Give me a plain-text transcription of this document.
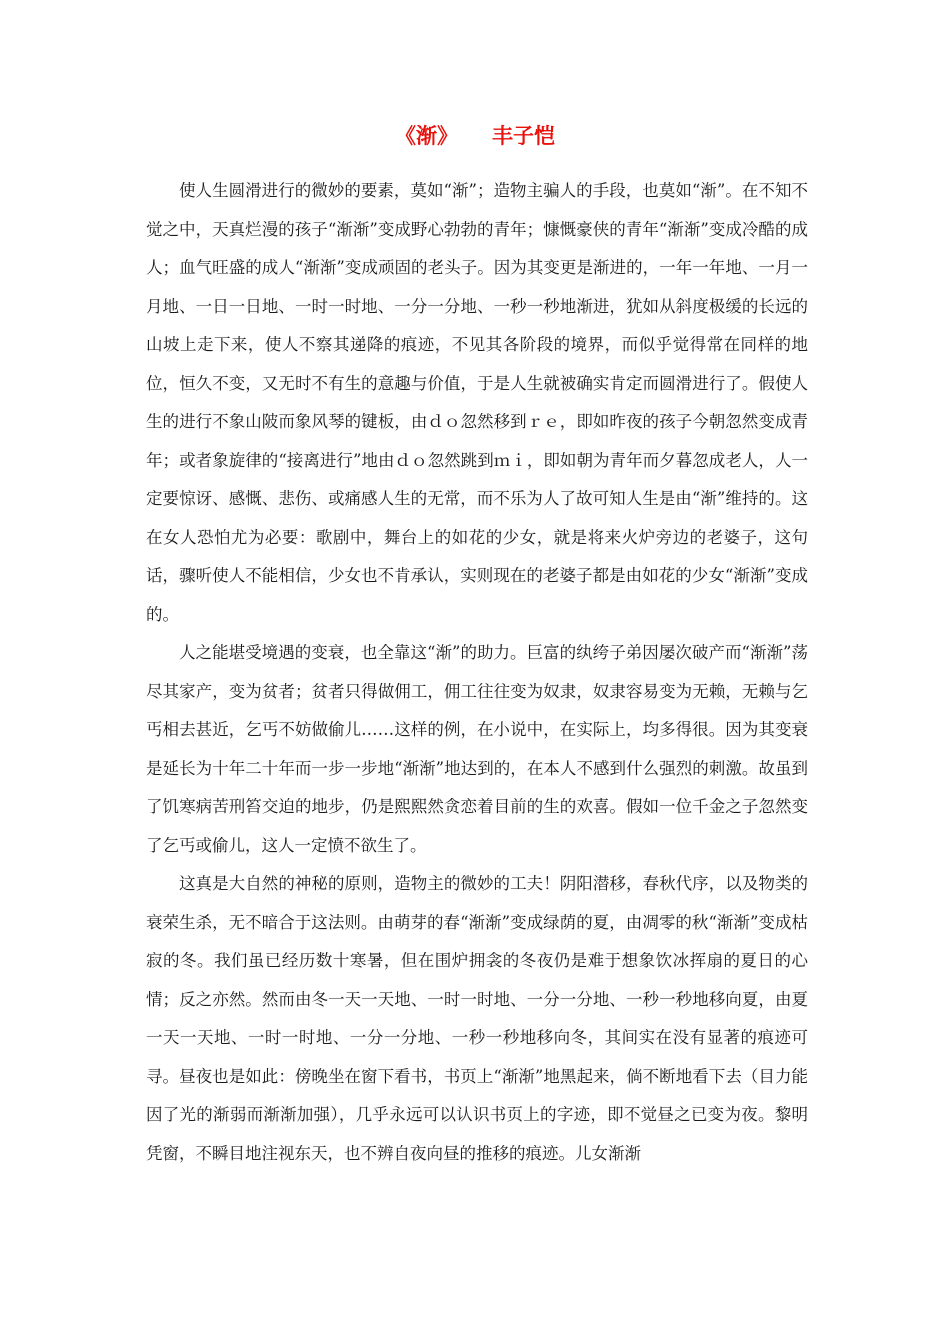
《渐》 丰子恺

使人生圆滑进行的微妙的要素，莫如“渐”；造物主骗人的手段，也莫如“渐”。在不知不觉之中，天真烂漫的孩子“渐渐”变成野心勃勃的青年；慷慨豪侠的青年“渐渐”变成冷酷的成人；血气旺盛的成人“渐渐”变成顽固的老头子。因为其变更是渐进的，一年一年地、一月一月地、一日一日地、一时一时地、一分一分地、一秒一秒地渐进，犹如从斜度极缓的长远的山坡上走下来，使人不察其递降的痕迹，不见其各阶段的境界，而似乎觉得常在同样的地位，恒久不变，又无时不有生的意趣与价值，于是人生就被确实肯定而圆滑进行了。假使人生的进行不象山陂而象风琴的键板，由ｄｏ忽然移到ｒｅ，即如昨夜的孩子今朝忽然变成青年；或者象旋律的“接离进行”地由ｄｏ忽然跳到ｍｉ，即如朝为青年而夕暮忽成老人，人一定要惊讶、感慨、悲伤、或痛感人生的无常，而不乐为人了故可知人生是由“渐”维持的。这在女人恐怕尤为必要：歌剧中，舞台上的如花的少女，就是将来火炉旁边的老婆子，这句话，骤听使人不能相信，少女也不肯承认，实则现在的老婆子都是由如花的少女“渐渐”变成的。

人之能堪受境遇的变衰，也全靠这“渐”的助力。巨富的纨绔子弟因屡次破产而“渐渐”荡尽其家产，变为贫者；贫者只得做佣工，佣工往往变为奴隶，奴隶容易变为无赖，无赖与乞丐相去甚近，乞丐不妨做偷儿……这样的例，在小说中，在实际上，均多得很。因为其变衰是延长为十年二十年而一步一步地“渐渐”地达到的，在本人不感到什么强烈的刺激。故虽到了饥寒病苦刑笞交迫的地步，仍是熙熙然贪恋着目前的生的欢喜。假如一位千金之子忽然变了乞丐或偷儿，这人一定愤不欲生了。

这真是大自然的神秘的原则，造物主的微妙的工夫！阴阳潜移，春秋代序，以及物类的衰荣生杀，无不暗合于这法则。由萌芽的春“渐渐”变成绿荫的夏，由凋零的秋“渐渐”变成枯寂的冬。我们虽已经历数十寒暑，但在围炉拥衾的冬夜仍是难于想象饮冰挥扇的夏日的心情；反之亦然。然而由冬一天一天地、一时一时地、一分一分地、一秒一秒地移向夏，由夏一天一天地、一时一时地、一分一分地、一秒一秒地移向冬，其间实在没有显著的痕迹可寻。昼夜也是如此：傍晚坐在窗下看书，书页上“渐渐”地黑起来，倘不断地看下去（目力能因了光的渐弱而渐渐加强），几乎永远可以认识书页上的字迹，即不觉昼之已变为夜。黎明凭窗，不瞬目地注视东天，也不辨自夜向昼的推移的痕迹。儿女渐渐
